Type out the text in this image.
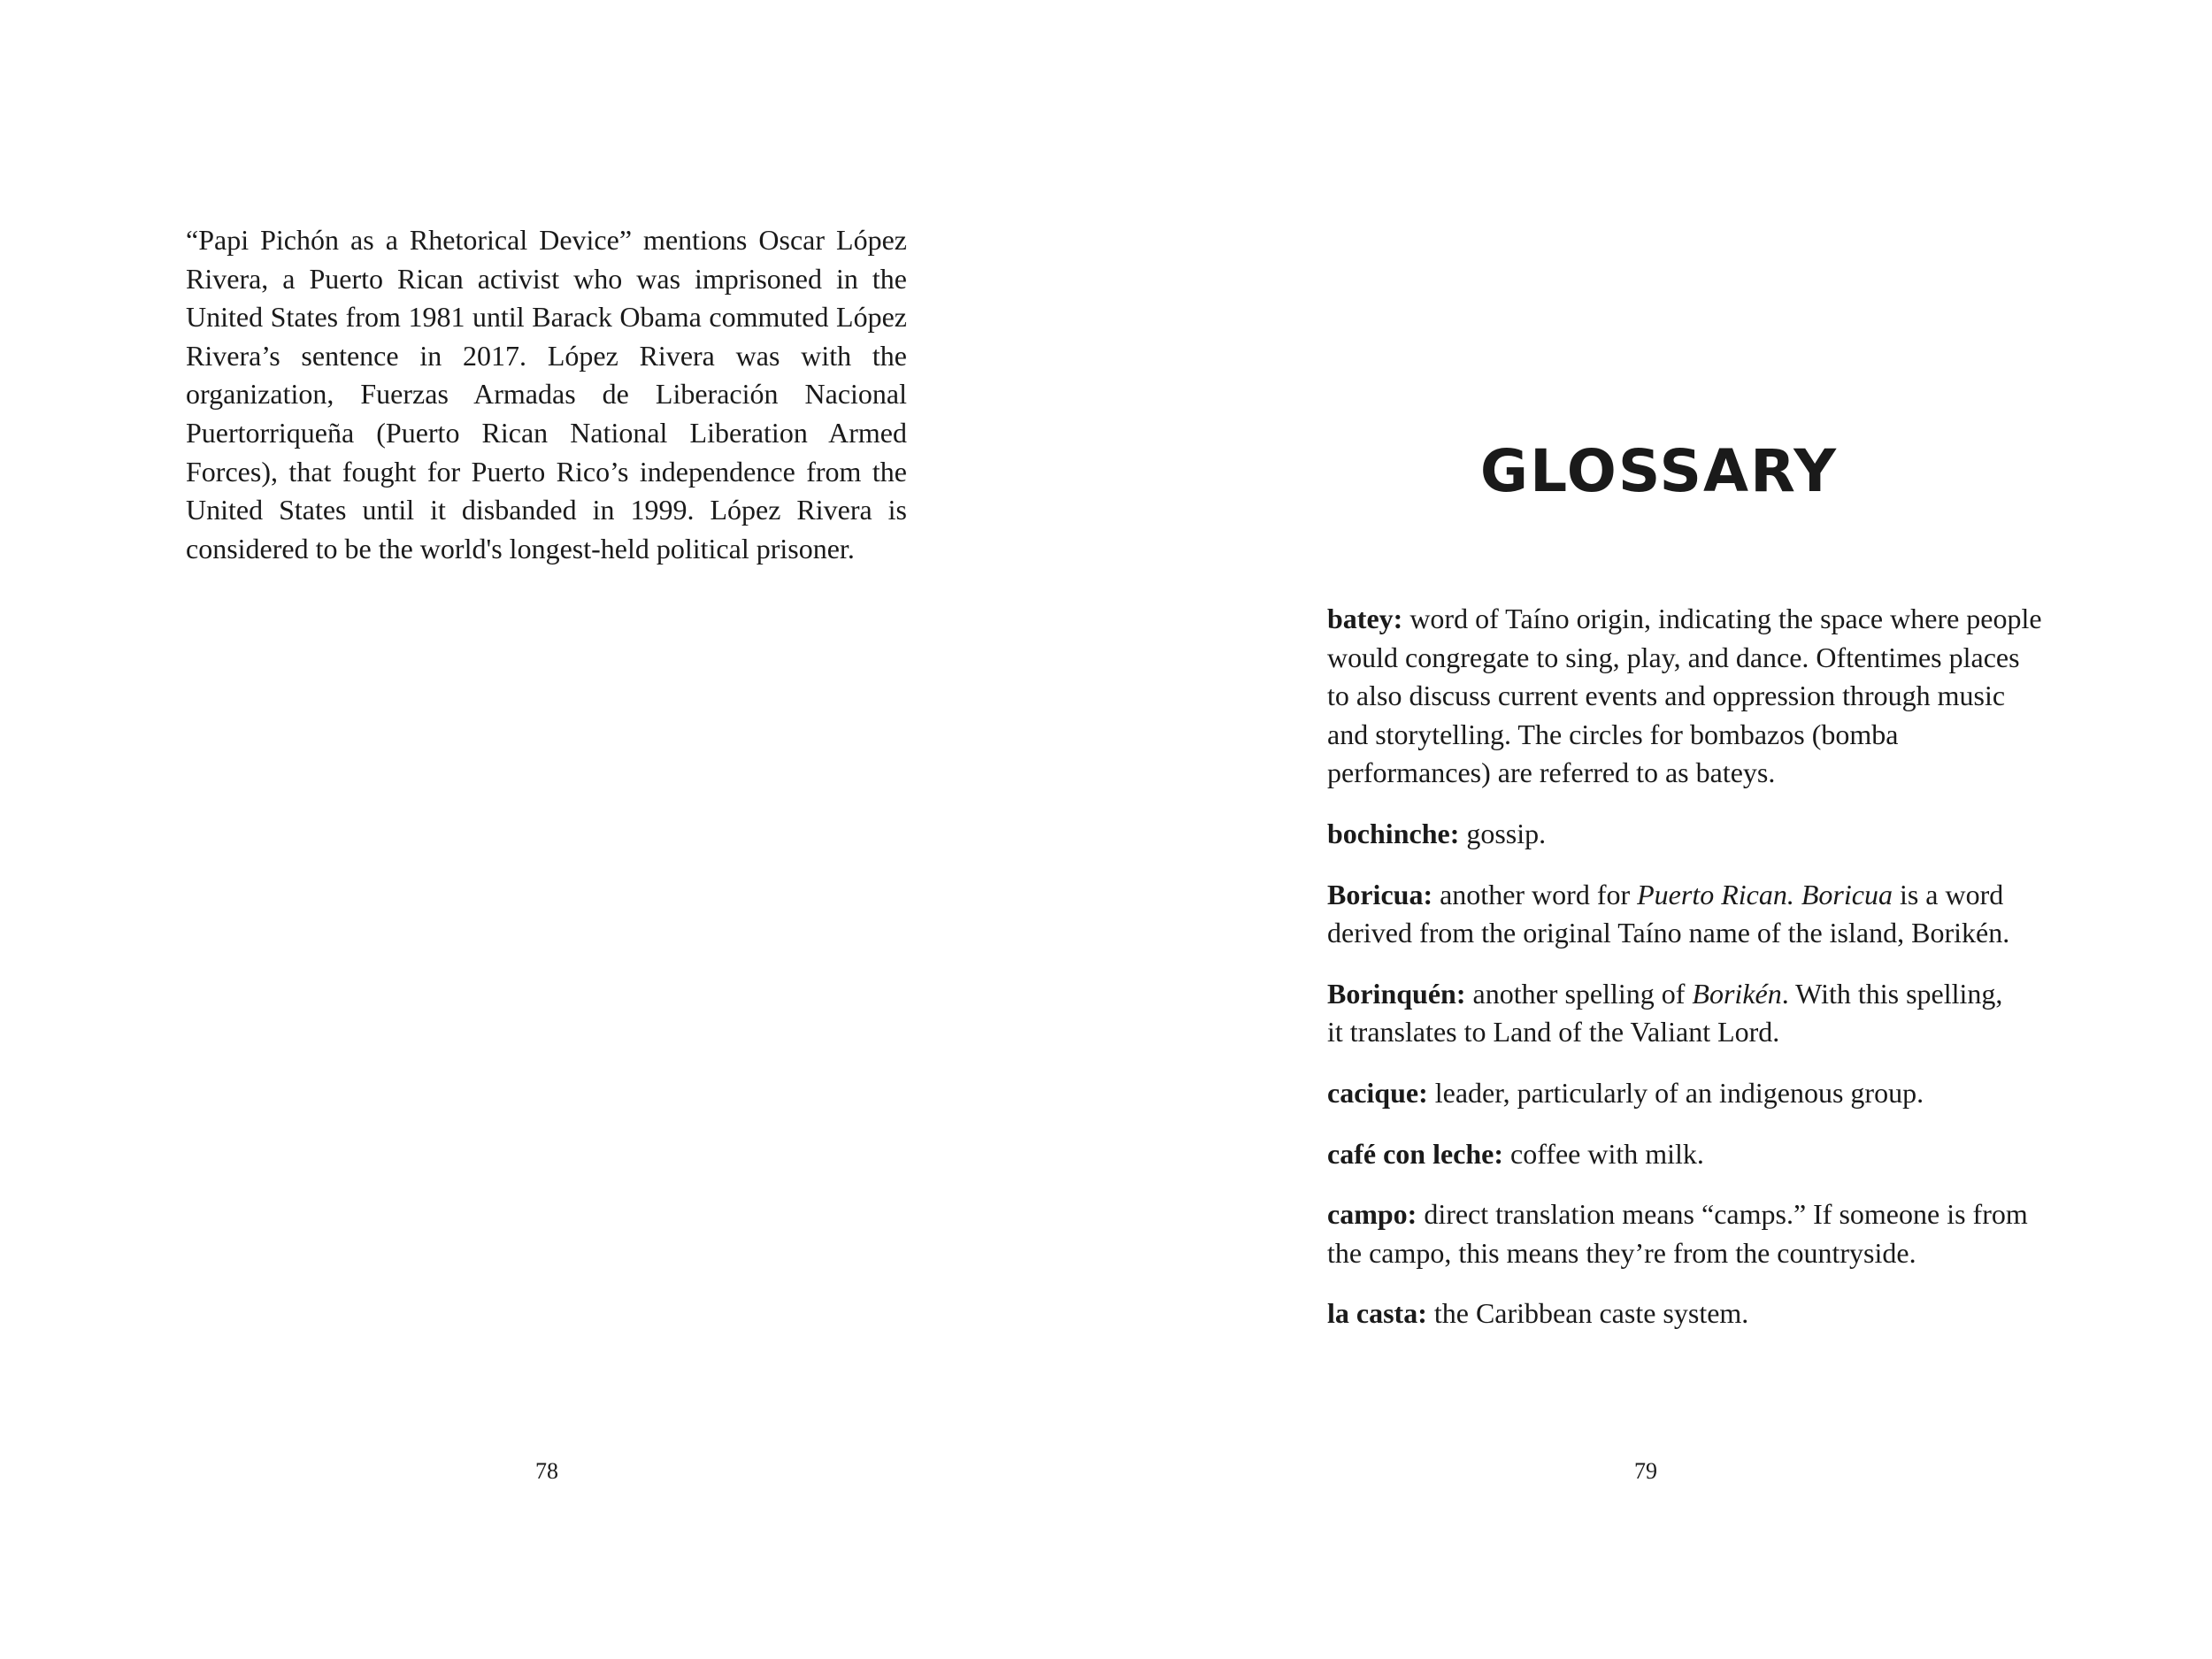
“Papi Pichón as a Rhetorical Device” mentions Oscar López Rivera, a Puerto Rican activist who was imprisoned in the United States from 1981 until Barack Obama commuted López Rivera’s sentence in 2017. López Rivera was with the organization, Fuerzas Armadas de Liberación Nacional Puertorriqueña (Puerto Rican National Liberation Armed Forces), that fought for Puerto Rico’s independence from the United States until it disbanded in 1999. López Rivera is considered to be the world's longest-held political prisoner.

78
GLOSSARY

batey: word of Taíno origin, indicating the space where people would congregate to sing, play, and dance. Oftentimes places to also discuss current events and oppression through music and storytelling. The circles for bombazos (bomba performances) are referred to as bateys.

bochinche: gossip.

Boricua: another word for Puerto Rican. Boricua is a word derived from the original Taíno name of the island, Borikén.

Borinquén: another spelling of Borikén. With this spelling,
it translates to Land of the Valiant Lord.

cacique: leader, particularly of an indigenous group.

café con leche: coffee with milk.

campo: direct translation means “camps.” If someone is from the campo, this means they’re from the countryside.

la casta: the Caribbean caste system.

79
